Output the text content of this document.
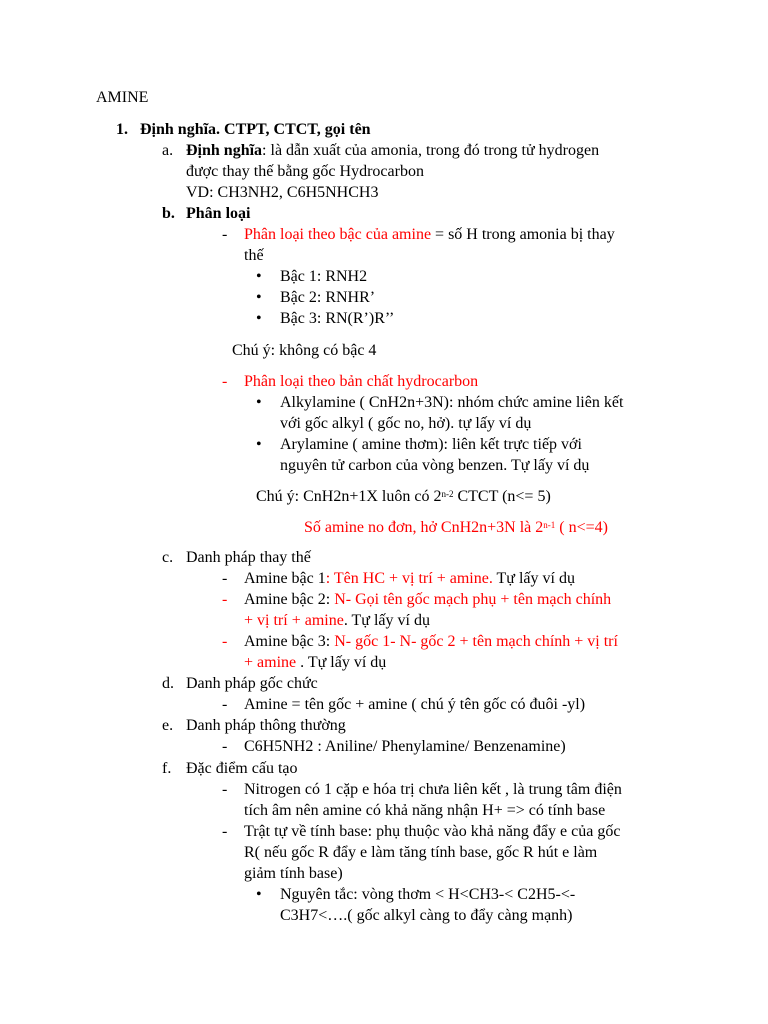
AMINE
1. Định nghĩa. CTPT, CTCT, gọi tên
a. Định nghĩa: là dẫn xuất của amonia, trong đó trong tử hydrogen
được thay thế bằng gốc Hydrocarbon
VD: CH3NH2, C6H5NHCH3
b. Phân loại
- Phân loại theo bậc của amine = số H trong amonia bị thay
thế
• Bậc 1: RNH2
• Bậc 2: RNHR’
• Bậc 3: RN(R’)R’’
Chú ý: không có bậc 4
- Phân loại theo bản chất hydrocarbon
• Alkylamine ( CnH2n+3N): nhóm chức amine liên kết
với gốc alkyl ( gốc no, hở). tự lấy ví dụ
• Arylamine ( amine thơm): liên kết trực tiếp với
nguyên tử carbon của vòng benzen. Tự lấy ví dụ
Chú ý: CnH2n+1X luôn có 2$^{n-2}$ CTCT (n<= 5)
Số amine no đơn, hở CnH2n+3N là 2$^{n-1}$ ( n<=4)
c. Danh pháp thay thế
- Amine bậc 1: Tên HC + vị trí + amine. Tự lấy ví dụ
- Amine bậc 2: N- Gọi tên gốc mạch phụ + tên mạch chính
+ vị trí + amine. Tự lấy ví dụ
- Amine bậc 3: N- gốc 1- N- gốc 2 + tên mạch chính + vị trí
+ amine . Tự lấy ví dụ
d. Danh pháp gốc chức
- Amine = tên gốc + amine ( chú ý tên gốc có đuôi -yl)
e. Danh pháp thông thường
- C6H5NH2 : Aniline/ Phenylamine/ Benzenamine)
f. Đặc điểm cấu tạo
- Nitrogen có 1 cặp e hóa trị chưa liên kết , là trung tâm điện
tích âm nên amine có khả năng nhận H+ => có tính base
- Trật tự về tính base: phụ thuộc vào khả năng đẩy e của gốc
R( nếu gốc R đẩy e làm tăng tính base, gốc R hút e làm
giảm tính base)
• Nguyên tắc: vòng thơm < H<CH3-< C2H5-<-
C3H7<….( gốc alkyl càng to đẩy càng mạnh)
